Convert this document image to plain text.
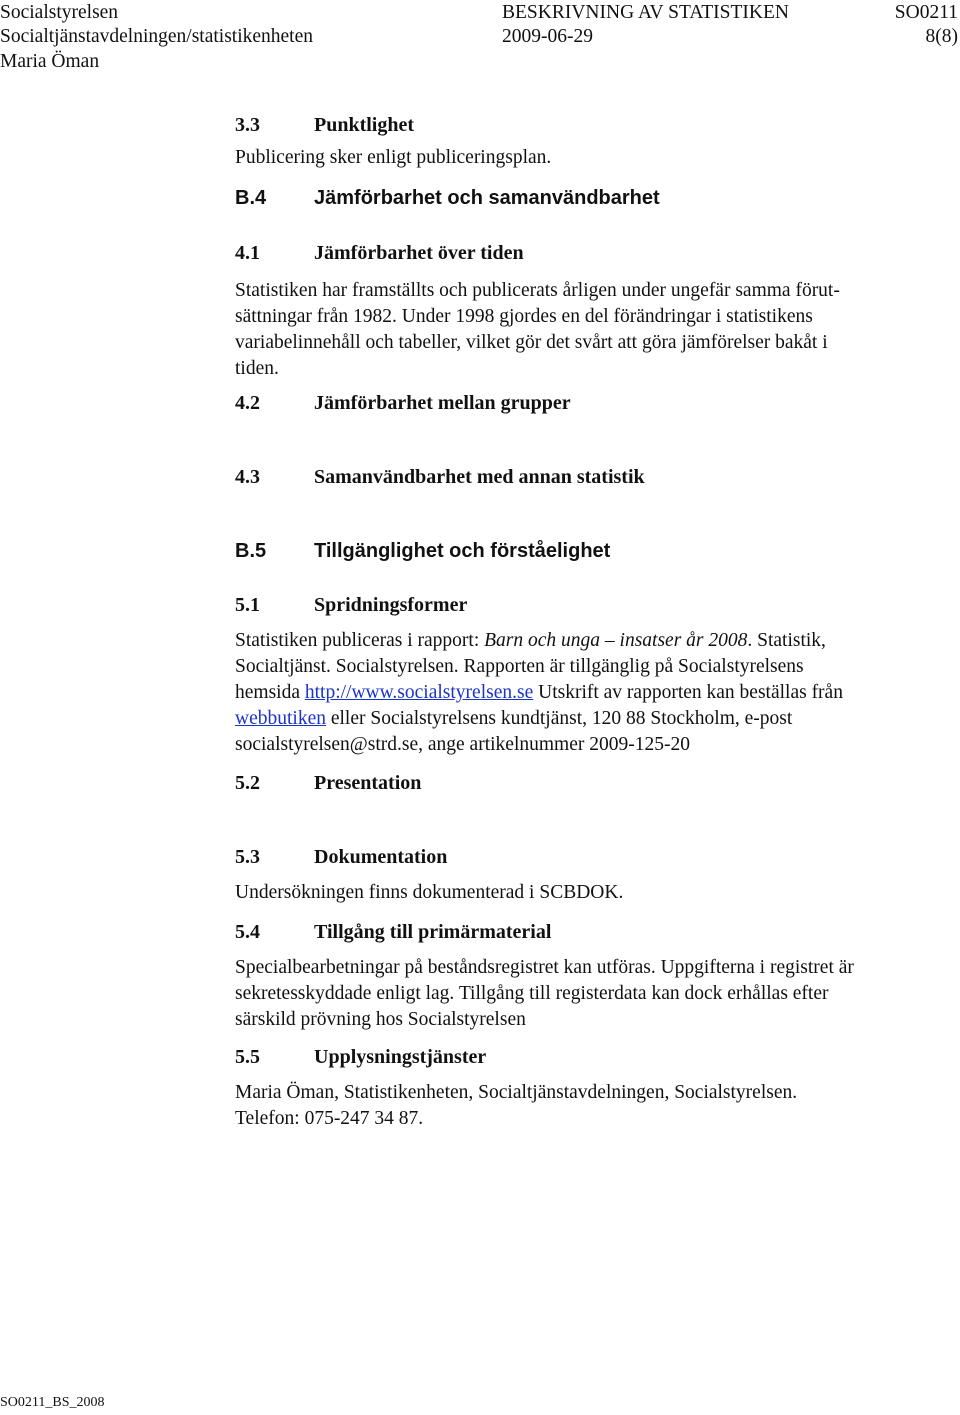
Socialstyrelsen
Socialtjänstavdelningen/statistikenheten
Maria Öman
BESKRIVNING AV STATISTIKEN
2009-06-29
SO0211
8(8)
3.3	Punktlighet

Publicering sker enligt publiceringsplan.

B.4	Jämförbarhet och samanvändbarhet
4.1	Jämförbarhet över tiden

Statistiken har framställts och publicerats årligen under ungefär samma förut-

sättningar från 1982. Under 1998 gjordes en del förändringar i statistikens

variabelinnehåll och tabeller, vilket gör det svårt att göra jämförelser bakåt i

tiden.

4.2	Jämförbarhet mellan grupper
4.3	Samanvändbarhet med annan statistik
B.5	Tillgänglighet och förståelighet
5.1	Spridningsformer

Statistiken publiceras i rapport: Barn och unga – insatser år 2008. Statistik,

Socialtjänst. Socialstyrelsen. Rapporten är tillgänglig på Socialstyrelsens

hemsida http://www.socialstyrelsen.se Utskrift av rapporten kan beställas från

webbutiken eller Socialstyrelsens kundtjänst, 120 88 Stockholm, e-post

socialstyrelsen@strd.se, ange artikelnummer 2009-125-20

5.2	Presentation
5.3	Dokumentation

Undersökningen finns dokumenterad i SCBDOK.

5.4	Tillgång till primärmaterial

Specialbearbetningar på beståndsregistret kan utföras. Uppgifterna i registret är

sekretesskyddade enligt lag. Tillgång till registerdata kan dock erhållas efter

särskild prövning hos Socialstyrelsen

5.5	Upplysningstjänster

Maria Öman, Statistikenheten, Socialtjänstavdelningen, Socialstyrelsen.

Telefon: 075-247 34 87.

SO0211_BS_2008
